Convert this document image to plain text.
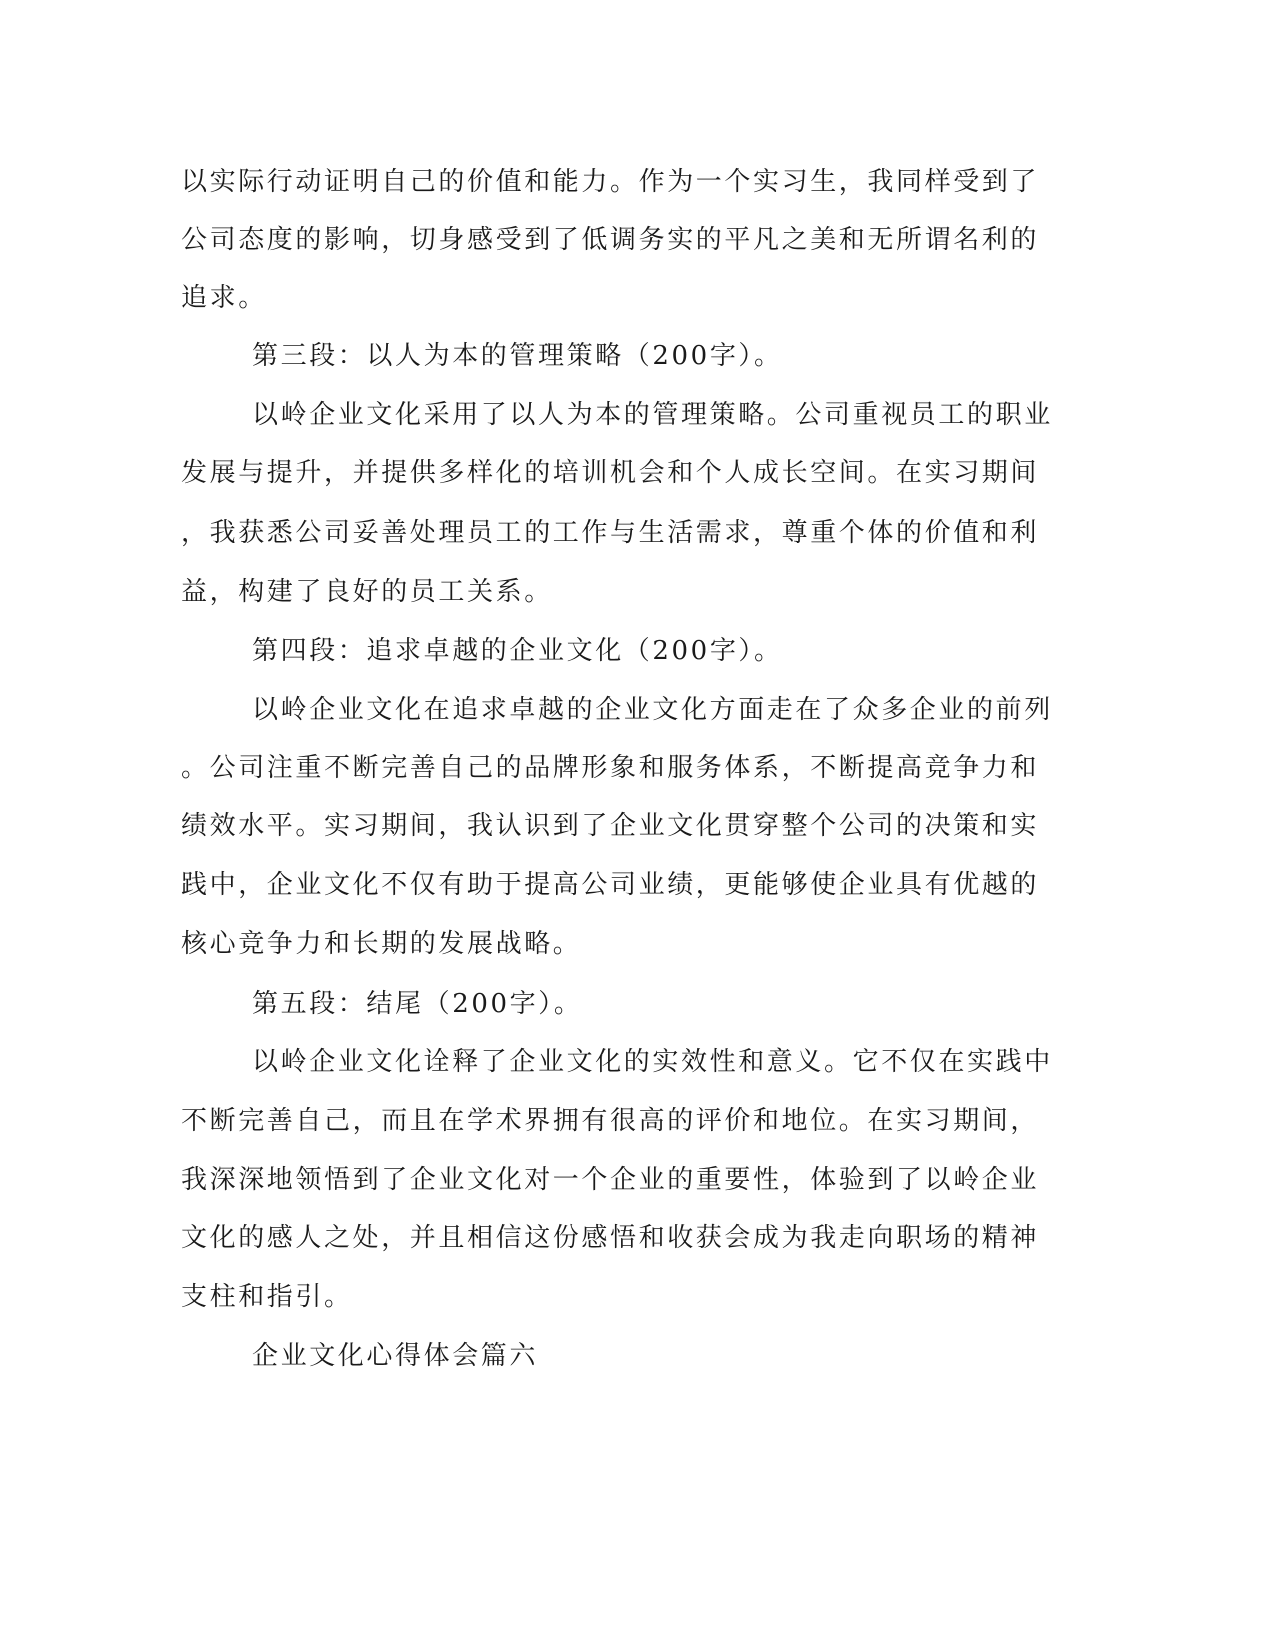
以实际行动证明自己的价值和能力。作为一个实习生，我同样受到了

公司态度的影响，切身感受到了低调务实的平凡之美和无所谓名利的

追求。

第三段：以人为本的管理策略（200字）。

以岭企业文化采用了以人为本的管理策略。公司重视员工的职业

发展与提升，并提供多样化的培训机会和个人成长空间。在实习期间

，我获悉公司妥善处理员工的工作与生活需求，尊重个体的价值和利

益，构建了良好的员工关系。

第四段：追求卓越的企业文化（200字）。

以岭企业文化在追求卓越的企业文化方面走在了众多企业的前列

。公司注重不断完善自己的品牌形象和服务体系，不断提高竞争力和

绩效水平。实习期间，我认识到了企业文化贯穿整个公司的决策和实

践中，企业文化不仅有助于提高公司业绩，更能够使企业具有优越的

核心竞争力和长期的发展战略。

第五段：结尾（200字）。

以岭企业文化诠释了企业文化的实效性和意义。它不仅在实践中

不断完善自己，而且在学术界拥有很高的评价和地位。在实习期间，

我深深地领悟到了企业文化对一个企业的重要性，体验到了以岭企业

文化的感人之处，并且相信这份感悟和收获会成为我走向职场的精神

支柱和指引。

企业文化心得体会篇六
